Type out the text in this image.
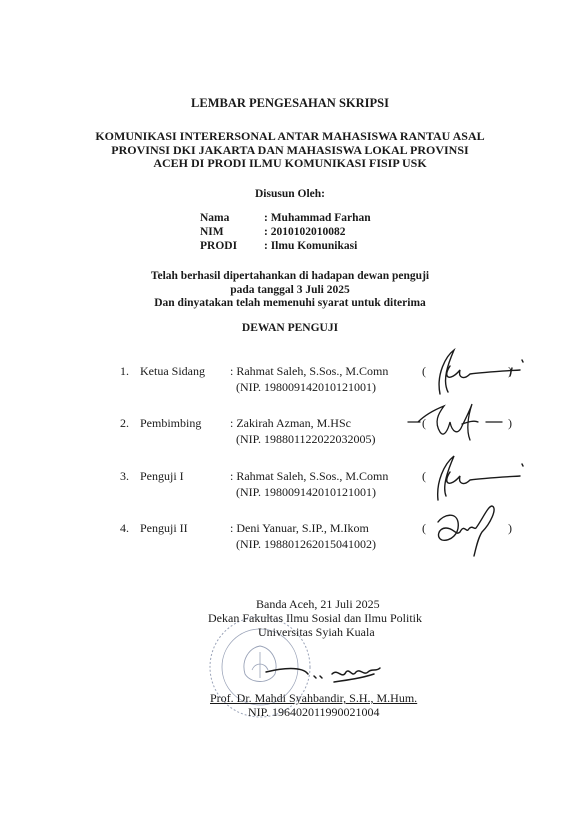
LEMBAR PENGESAHAN SKRIPSI
KOMUNIKASI INTERERSONAL ANTAR MAHASISWA RANTAU ASAL
PROVINSI DKI JAKARTA DAN MAHASISWA LOKAL PROVINSI
ACEH DI PRODI ILMU KOMUNIKASI FISIP USK
Disusun Oleh:
Nama	: Muhammad Farhan
NIM	: 2010102010082
PRODI : Ilmu Komunikasi
Telah berhasil dipertahankan di hadapan dewan penguji
pada tanggal 3 Juli 2025
Dan dinyatakan telah memenuhi syarat untuk diterima
DEWAN PENGUJI
1. Ketua Sidang : Rahmat Saleh, S.Sos., M.Comn
(NIP. 198009142010121001)
(	)
2. Pembimbing : Zakirah Azman, M.HSc
(NIP. 198801122022032005)
(	)
3. Penguji I	: Rahmat Saleh, S.Sos., M.Comn
(NIP. 198009142010121001)
(
4. Penguji II	: Deni Yanuar, S.IP., M.Ikom
(NIP. 198801262015041002)
(	)
Banda Aceh, 21 Juli 2025
Dekan Fakultas Ilmu Sosial dan Ilmu Politik
Universitas Syiah Kuala
Prof. Dr. Mahdi Syahbandir, S.H., M.Hum.
NIP. 196402011990021004
